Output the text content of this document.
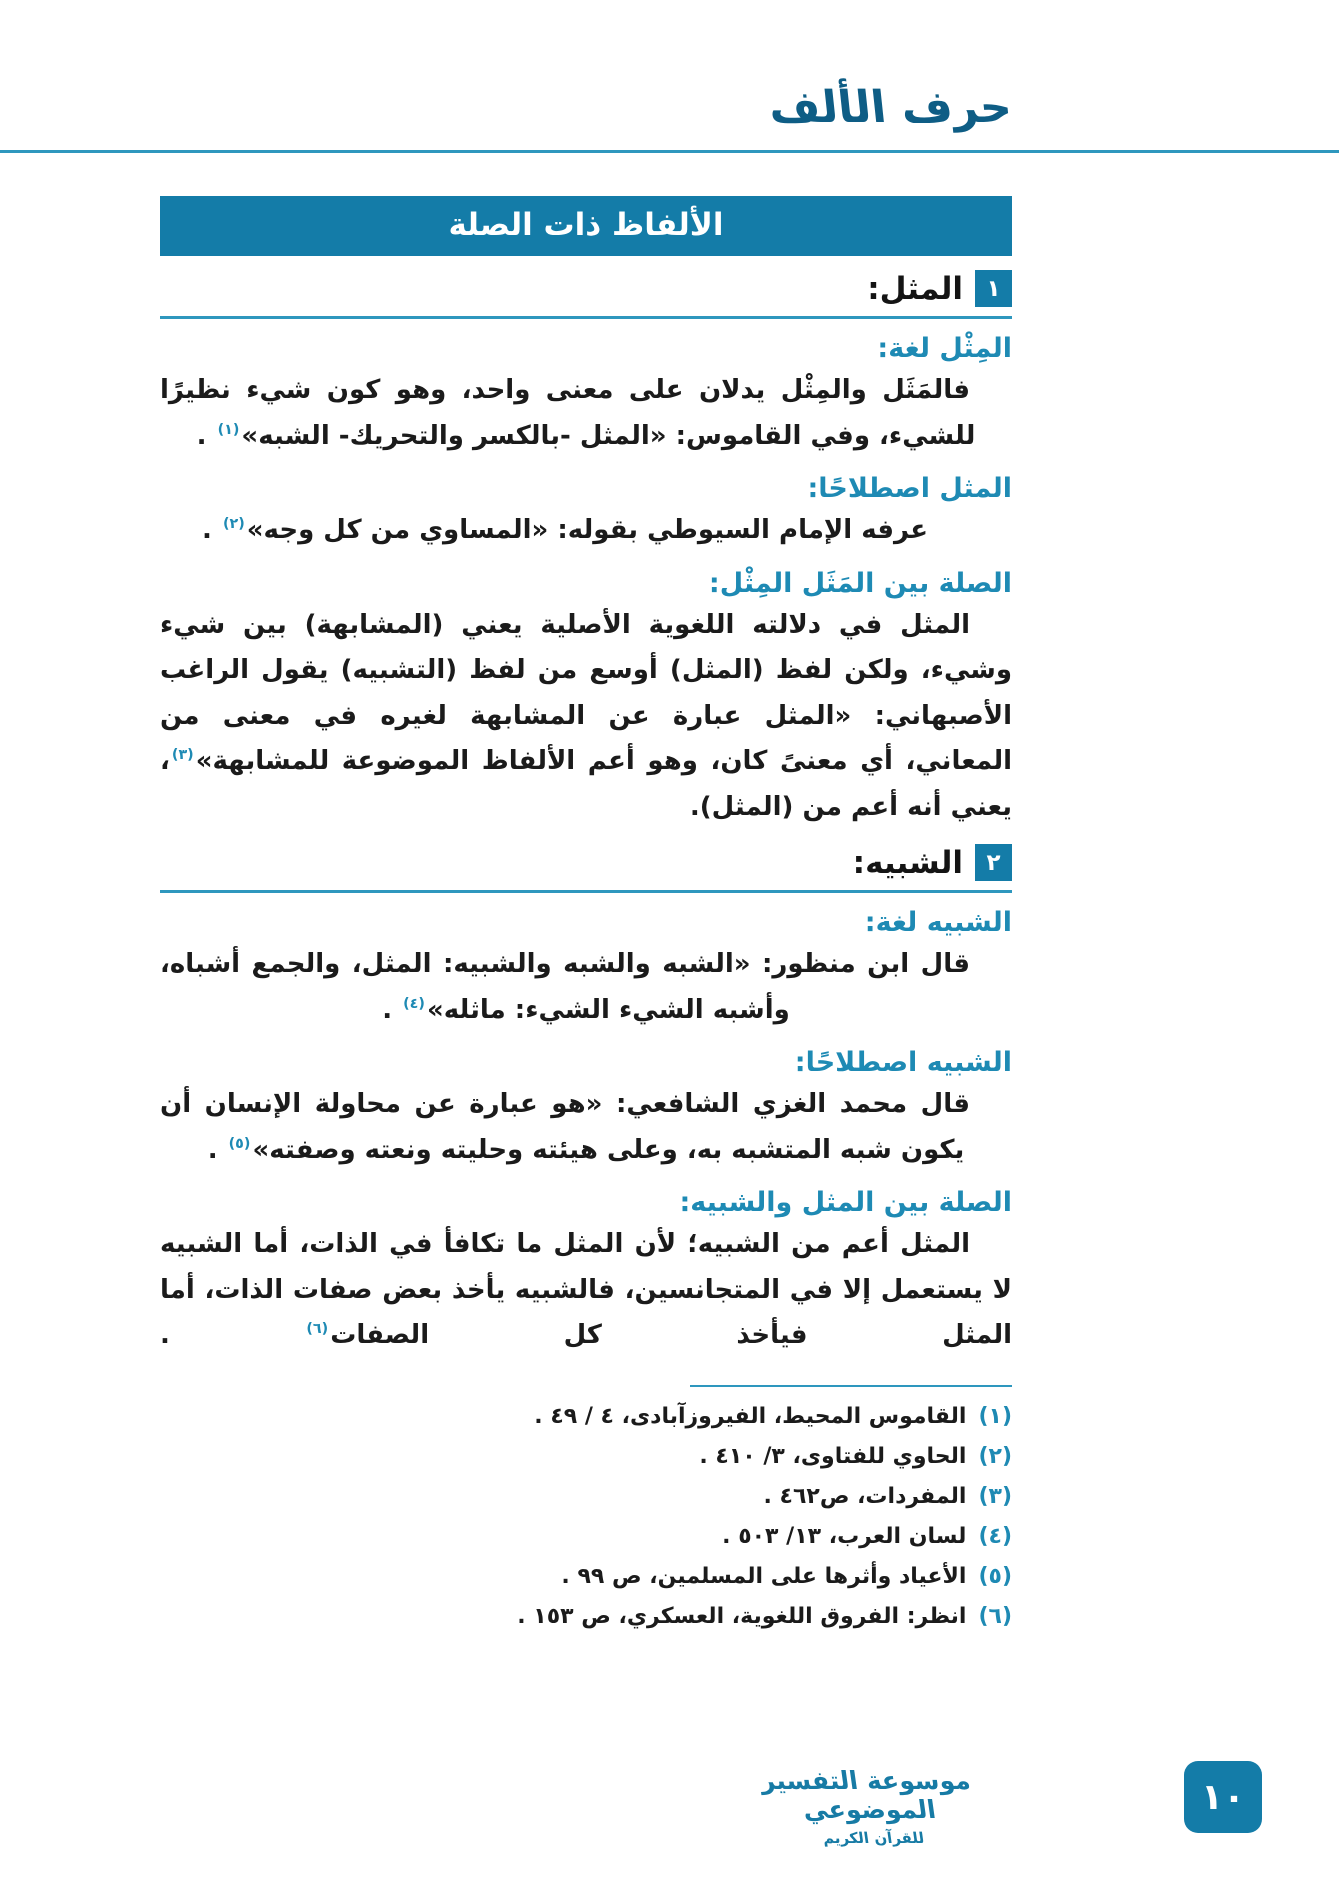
حرف الألف
الألفاظ ذات الصلة
١
المثل:
المِثْل لغة:

فالمَثَل والمِثْل يدلان على معنى واحد، وهو كون شيء نظيرًا للشيء، وفي القاموس: «المثل -بالكسر والتحريك- الشبه»$^{(١)}$ .

المثل اصطلاحًا:

عرفه الإمام السيوطي بقوله: «المساوي من كل وجه»$^{(٢)}$ .

الصلة بين المَثَل المِثْل:

المثل في دلالته اللغوية الأصلية يعني (المشابهة) بين شيء وشيء، ولكن لفظ (المثل) أوسع من لفظ (التشبيه) يقول الراغب الأصبهاني: «المثل عبارة عن المشابهة لغيره في معنى من المعاني، أي معنىً كان، وهو أعم الألفاظ الموضوعة للمشابهة»$^{(٣)}$، يعني أنه أعم من (المثل).

٢
الشبيه:
الشبيه لغة:

قال ابن منظور: «الشبه والشبه والشبيه: المثل، والجمع أشباه، وأشبه الشيء الشيء: ماثله»$^{(٤)}$ .

الشبيه اصطلاحًا:

قال محمد الغزي الشافعي: «هو عبارة عن محاولة الإنسان أن يكون شبه المتشبه به، وعلى هيئته وحليته ونعته وصفته»$^{(٥)}$ .

الصلة بين المثل والشبيه:

المثل أعم من الشبيه؛ لأن المثل ما تكافأ في الذات، أما الشبيه لا يستعمل إلا في المتجانسين، فالشبيه يأخذ بعض صفات الذات، أما المثل فيأخذ كل الصفات$^{(٦)}$ .

(١)
القاموس المحيط، الفيروزآبادى، ٤ / ٤٩ .
(٢)
الحاوي للفتاوى، ٣/ ٤١٠ .
(٣)
المفردات، ص٤٦٢ .
(٤)
لسان العرب، ١٣/ ٥٠٣ .
(٥)
الأعياد وأثرها على المسلمين، ص ٩٩ .
(٦)
انظر: الفروق اللغوية، العسكري، ص ١٥٣ .
موسوعة التفسير الموضوعي
للقرآن الكريم
١٠
